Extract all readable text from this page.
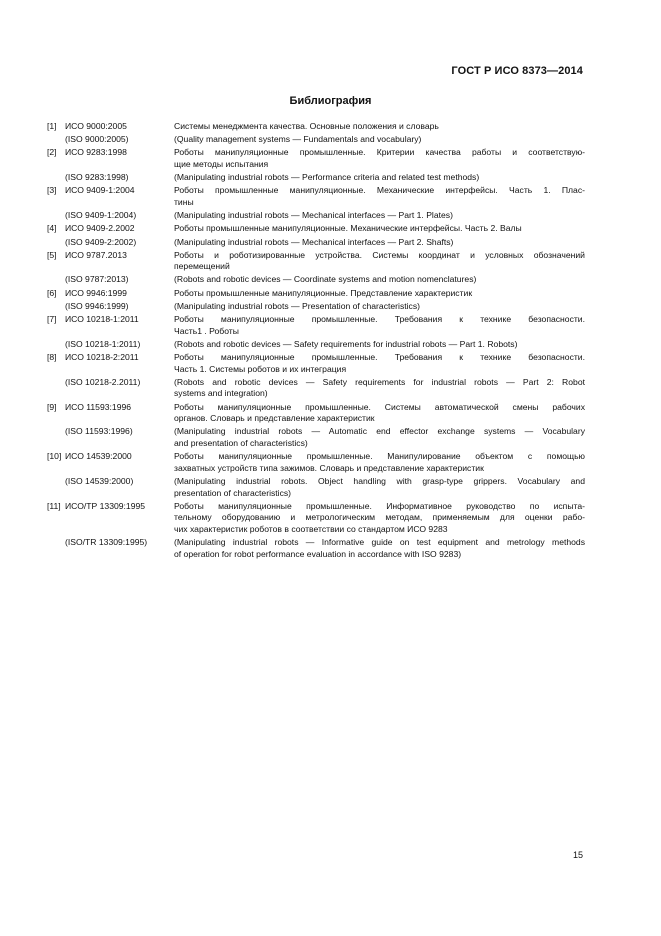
ГОСТ Р ИСО 8373—2014
Библиография
[1] ИСО 9000:2005	Системы менеджмента качества. Основные положения и словарь
(ISO 9000:2005)	(Quality management systems — Fundamentals and vocabulary)
[2] ИСО 9283:1998	Роботы манипуляционные промышленные. Критерии качества работы и соответствую-
щие методы испытания
(ISO 9283:1998)	(Manipulating industrial robots — Performance criteria and related test methods)
[3] ИСО 9409-1:2004	Роботы промышленные манипуляционные. Механические интерфейсы. Часть 1. Плас-
тины
(ISO 9409-1:2004)	(Manipulating industrial robots — Mechanical interfaces — Part 1. Plates)
[4] ИСО 9409-2.2002	Роботы промышленные манипуляционные. Механические интерфейсы. Часть 2. Валы
(ISO 9409-2:2002)	(Manipulating industrial robots — Mechanical interfaces — Part 2. Shafts)
[5] ИСО 9787.2013	Роботы и роботизированные устройства. Системы координат и условных обозначений
перемещений
(ISO 9787:2013)	(Robots and robotic devices — Coordinate systems and motion nomenclatures)
[6] ИСО 9946:1999	Роботы промышленные манипуляционные. Представление характеристик
(ISO 9946:1999)	(Manipulating industrial robots — Presentation of characteristics)
[7] ИСО 10218-1:2011	Роботы манипуляционные промышленные. Требования к технике безопасности.
Часть1 . Роботы
(ISO 10218-1:2011)	(Robots and robotic devices — Safety requirements for industrial robots — Part 1. Robots)
[8] ИСО 10218-2:2011	Роботы манипуляционные промышленные. Требования к технике безопасности.
Часть 1. Системы роботов и их интеграция
(ISO 10218-2.2011)	(Robots and robotic devices — Safety requirements for industrial robots — Part 2: Robot
systems and integration)
[9] ИСО 11593:1996	Роботы манипуляционные промышленные. Системы автоматической смены рабочих
органов. Словарь и представление характеристик
(ISO 11593:1996)	(Manipulating industrial robots — Automatic end effector exchange systems — Vocabulary
and presentation of characteristics)
[10] ИСО 14539:2000	Роботы манипуляционные промышленные. Манипулирование объектом с помощью
захватных устройств типа зажимов. Словарь и представление характеристик
(ISO 14539:2000)	(Manipulating industrial robots. Object handling with grasp-type grippers. Vocabulary and
presentation of characteristics)
[11] ИСО/ТР 13309:1995	Роботы манипуляционные промышленные. Информативное руководство по испыта-
тельному оборудованию и метрологическим методам, применяемым для оценки рабо-
чих характеристик роботов в соответствии со стандартом ИСО 9283
(ISO/TR 13309:1995)	(Manipulating industrial robots — Informative guide on test equipment and metrology methods
of operation for robot performance evaluation in accordance with ISO 9283)
15
